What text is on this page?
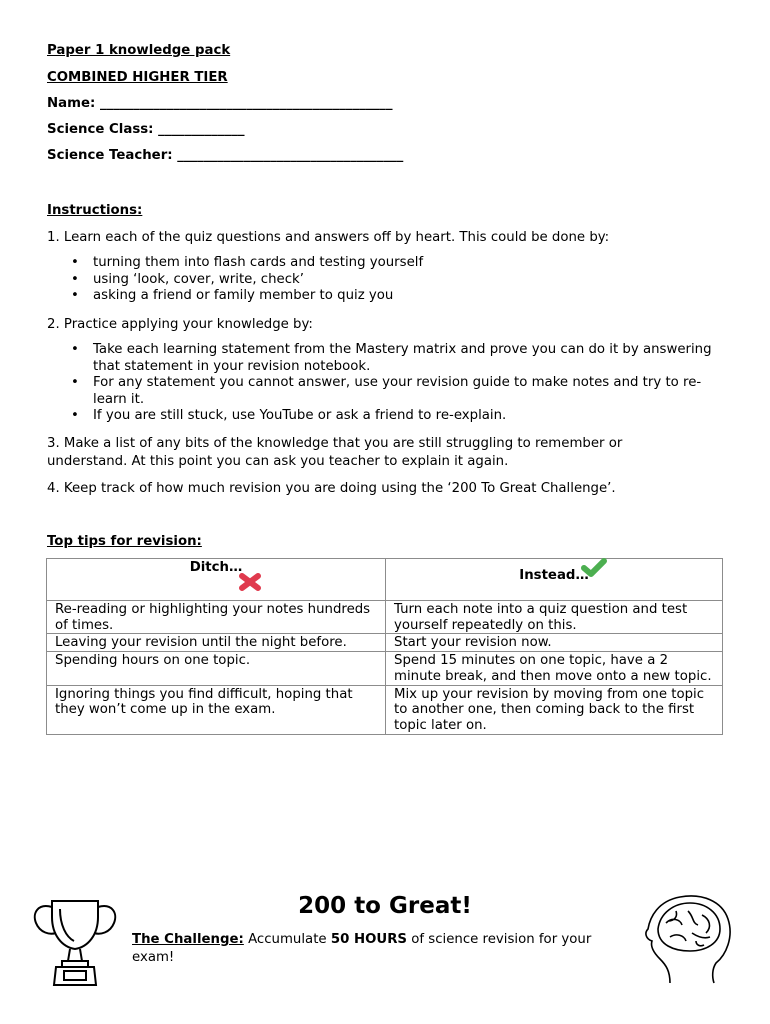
Paper 1 knowledge pack
COMBINED HIGHER TIER
Name: ____________________________________________
Science Class: _____________
Science Teacher: __________________________________
Instructions:
1. Learn each of the quiz questions and answers off by heart. This could be done by:
• turning them into flash cards and testing yourself
• using ‘look, cover, write, check’
• asking a friend or family member to quiz you
2. Practice applying your knowledge by:
• Take each learning statement from the Mastery matrix and prove you can do it by answering that statement in your revision notebook.
• For any statement you cannot answer, use your revision guide to make notes and try to re-learn it.
• If you are still stuck, use YouTube or ask a friend to re-explain.
3. Make a list of any bits of the knowledge that you are still struggling to remember or understand. At this point you can ask you teacher to explain it again.
4. Keep track of how much revision you are doing using the ‘200 To Great Challenge’.
Top tips for revision:
Ditch…	Instead…

Re-reading or highlighting your notes hundreds of times.	Turn each note into a quiz question and test yourself repeatedly on this.
Leaving your revision until the night before.	Start your revision now.
Spending hours on one topic.	Spend 15 minutes on one topic, have a 2 minute break, and then move onto a new topic.
Ignoring things you find difficult, hoping that they won’t come up in the exam.	Mix up your revision by moving from one topic to another one, then coming back to the first topic later on.
200 to Great!
The Challenge: Accumulate 50 HOURS of science revision for your exam!
